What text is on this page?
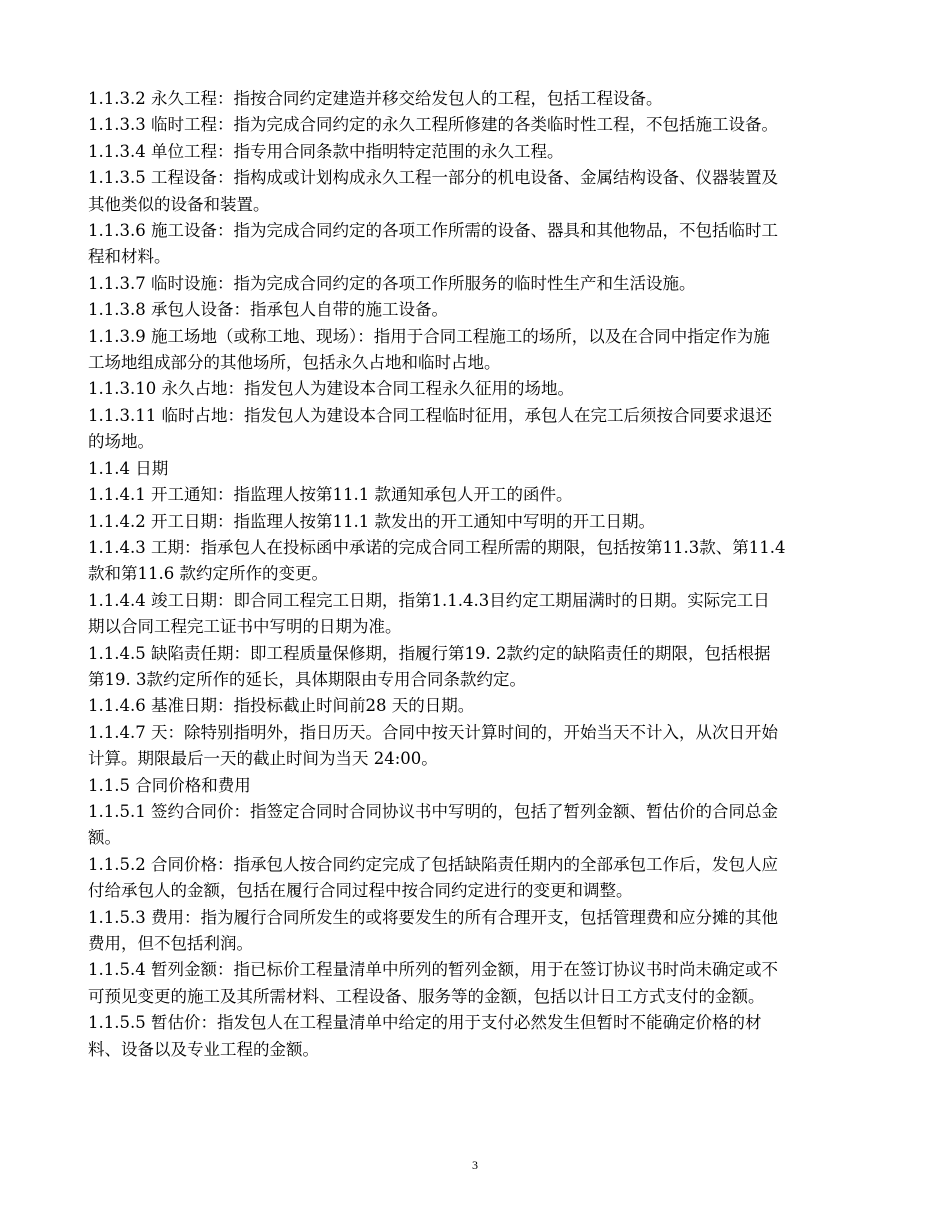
1.1.3.2 永久工程：指按合同约定建造并移交给发包人的工程，包括工程设备。

1.1.3.3 临时工程：指为完成合同约定的永久工程所修建的各类临时性工程，不包括施工设备。

1.1.3.4 单位工程：指专用合同条款中指明特定范围的永久工程。

1.1.3.5 工程设备：指构成或计划构成永久工程一部分的机电设备、金属结构设备、仪器装置及
其他类似的设备和装置。

1.1.3.6 施工设备：指为完成合同约定的各项工作所需的设备、器具和其他物品，不包括临时工
程和材料。

1.1.3.7 临时设施：指为完成合同约定的各项工作所服务的临时性生产和生活设施。

1.1.3.8 承包人设备：指承包人自带的施工设备。

1.1.3.9 施工场地（或称工地、现场）：指用于合同工程施工的场所，以及在合同中指定作为施
工场地组成部分的其他场所，包括永久占地和临时占地。

1.1.3.10 永久占地：指发包人为建设本合同工程永久征用的场地。

1.1.3.11 临时占地：指发包人为建设本合同工程临时征用，承包人在完工后须按合同要求退还
的场地。

1.1.4 日期

1.1.4.1 开工通知：指监理人按第11.1 款通知承包人开工的函件。

1.1.4.2 开工日期：指监理人按第11.1 款发出的开工通知中写明的开工日期。

1.1.4.3 工期：指承包人在投标函中承诺的完成合同工程所需的期限，包括按第11.3款、第11.4
款和第11.6 款约定所作的变更。

1.1.4.4 竣工日期：即合同工程完工日期，指第1.1.4.3目约定工期届满时的日期。实际完工日
期以合同工程完工证书中写明的日期为准。

1.1.4.5 缺陷责任期：即工程质量保修期，指履行第19. 2款约定的缺陷责任的期限，包括根据
第19. 3款约定所作的延长，具体期限由专用合同条款约定。

1.1.4.6 基准日期：指投标截止时间前28 天的日期。

1.1.4.7 天：除特别指明外，指日历天。合同中按天计算时间的，开始当天不计入，从次日开始
计算。期限最后一天的截止时间为当天 24:00。

1.1.5 合同价格和费用

1.1.5.1 签约合同价：指签定合同时合同协议书中写明的，包括了暂列金额、暂估价的合同总金
额。

1.1.5.2 合同价格：指承包人按合同约定完成了包括缺陷责任期内的全部承包工作后，发包人应
付给承包人的金额，包括在履行合同过程中按合同约定进行的变更和调整。

1.1.5.3 费用：指为履行合同所发生的或将要发生的所有合理开支，包括管理费和应分摊的其他
费用，但不包括利润。

1.1.5.4 暂列金额：指已标价工程量清单中所列的暂列金额，用于在签订协议书时尚未确定或不
可预见变更的施工及其所需材料、工程设备、服务等的金额，包括以计日工方式支付的金额。

1.1.5.5 暂估价：指发包人在工程量清单中给定的用于支付必然发生但暂时不能确定价格的材
料、设备以及专业工程的金额。

3
